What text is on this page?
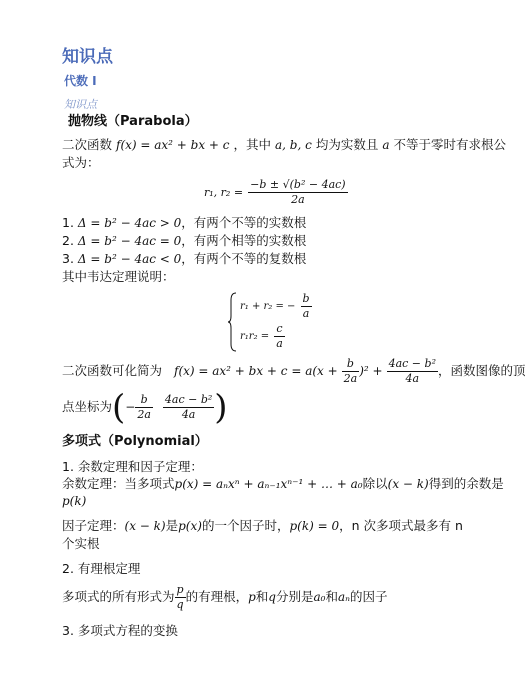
知识点
代数 I
知识点
抛物线（Parabola）
二次函数 f(x) = ax² + bx + c ，其中 a, b, c 均为实数且 a 不等于零时有求根公
式为：
r₁, $r_2 = \frac{\text{−b ± √(b² − 4ac)}}{2a}$
1. Δ = b² − 4ac > 0，有两个不等的实数根
2. Δ = b² − 4ac = 0，有两个相等的实数根
3. Δ = b² − 4ac < 0，有两个不等的复数根
其中韦达定理说明：
r₁ + r₂ = − $\frac{b}{a}$
$r_1r_2 = \frac{c}{a}$
二次函数可化简为 f(x) = ax² + bx + $c = a(x + \frac{b}{2a} )^2 + \frac{\text{4ac − b²}}{4a}$ ，函数图像的顶
点坐标为(− $\frac{b}{2a} \frac{\text{4ac − b²}}{4a}$ )
多项式（Polynomial）
1. 余数定理和因子定理：
余数定理：当多项式p(x) = aₙxⁿ + aₙ₋₁xⁿ⁻¹ + … + a₀除以(x − k)得到的余数是
p(k)
因子定理：(x − k)是p(x)的一个因子时，p(k) = 0，n 次多项式最多有 n
个实根
2. 有理根定理
多项式的所有形式为 $\frac{p}{q}$ 的有理根，p和q分别是a₀和aₙ的因子
3. 多项式方程的变换
